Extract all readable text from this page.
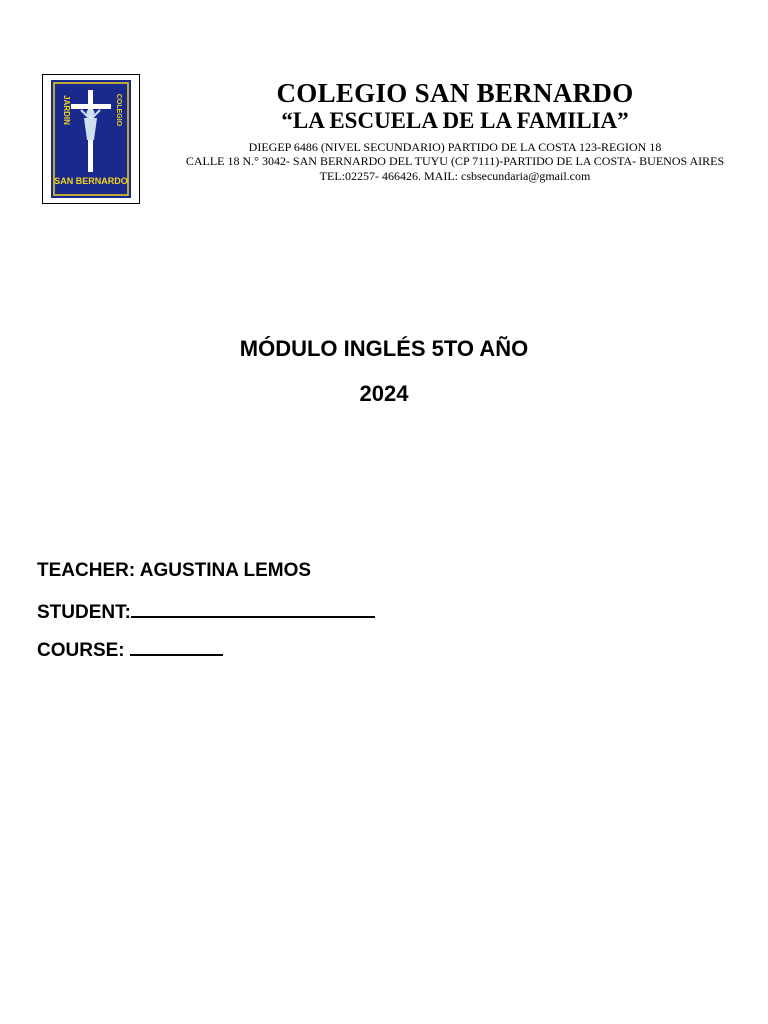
JARDIN	COLEGIO
SAN BERNARDO
COLEGIO SAN BERNARDO
“LA ESCUELA DE LA FAMILIA”
DIEGEP 6486 (NIVEL SECUNDARIO) PARTIDO DE LA COSTA 123-REGION 18
CALLE 18 N.° 3042- SAN BERNARDO DEL TUYU (CP 7111)-PARTIDO DE LA COSTA- BUENOS AIRES
TEL:02257- 466426. MAIL: csbsecundaria@gmail.com
MÓDULO INGLÉS 5TO AÑO
2024
TEACHER: AGUSTINA LEMOS
STUDENT:
COURSE:
